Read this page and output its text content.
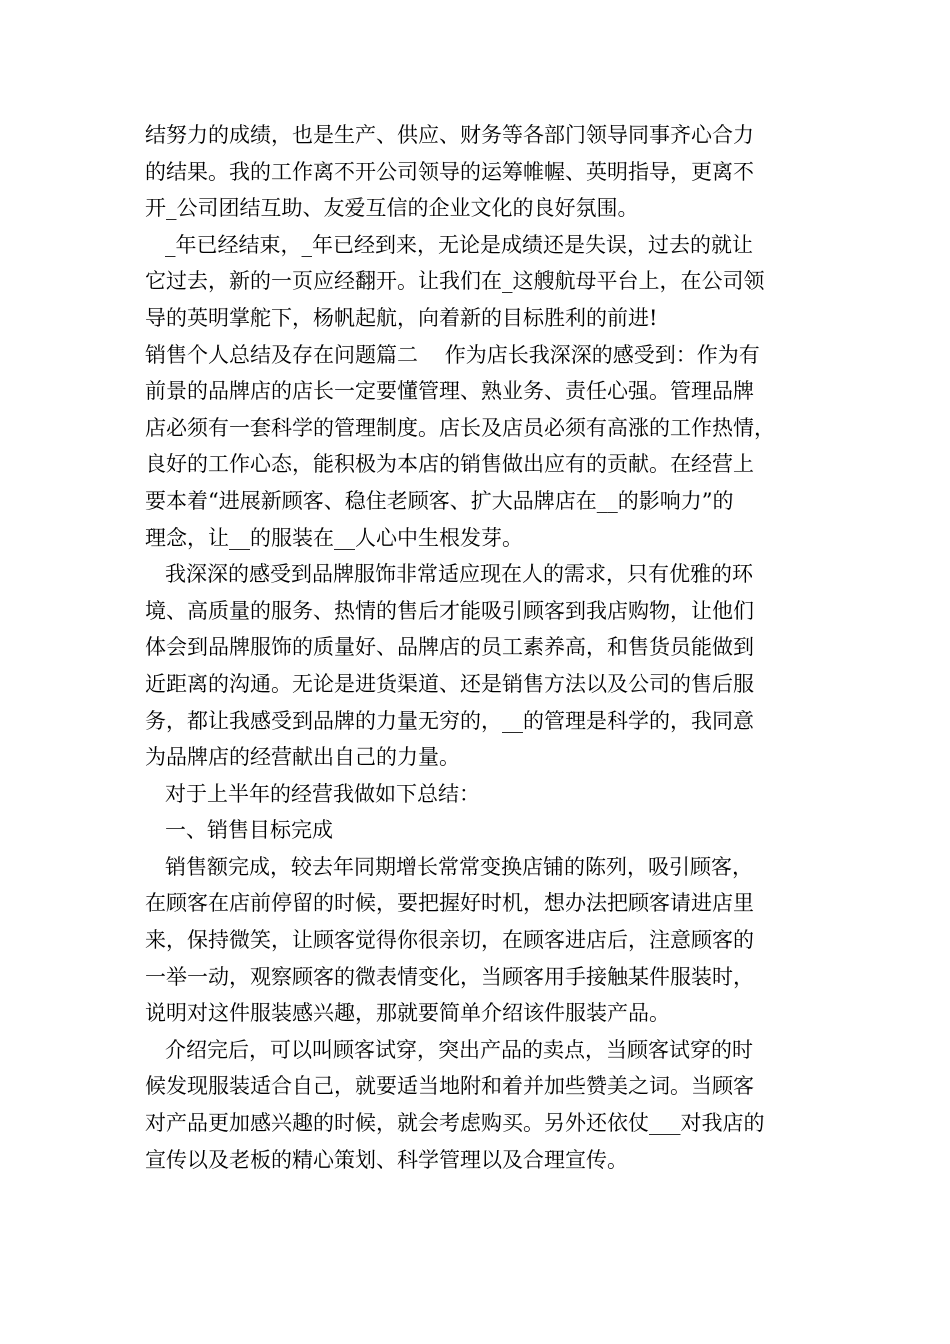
结努力的成绩，也是生产、供应、财务等各部门领导同事齐心合力
的结果。我的工作离不开公司领导的运筹帷幄、英明指导，更离不
开_公司团结互助、友爱互信的企业文化的良好氛围。
_年已经结束，_年已经到来，无论是成绩还是失误，过去的就让
它过去，新的一页应经翻开。让我们在_这艘航母平台上，在公司领
导的英明掌舵下，杨帆起航，向着新的目标胜利的前进!
销售个人总结及存在问题篇二    作为店长我深深的感受到：作为有
前景的品牌店的店长一定要懂管理、熟业务、责任心强。管理品牌
店必须有一套科学的管理制度。店长及店员必须有高涨的工作热情，
良好的工作心态，能积极为本店的销售做出应有的贡献。在经营上
要本着“进展新顾客、稳住老顾客、扩大品牌店在__的影响力”的
理念，让__的服装在__人心中生根发芽。
我深深的感受到品牌服饰非常适应现在人的需求，只有优雅的环
境、高质量的服务、热情的售后才能吸引顾客到我店购物，让他们
体会到品牌服饰的质量好、品牌店的员工素养高，和售货员能做到
近距离的沟通。无论是进货渠道、还是销售方法以及公司的售后服
务，都让我感受到品牌的力量无穷的，__的管理是科学的，我同意
为品牌店的经营献出自己的力量。
对于上半年的经营我做如下总结：
一、销售目标完成
销售额完成，较去年同期增长常常变换店铺的陈列，吸引顾客，
在顾客在店前停留的时候，要把握好时机，想办法把顾客请进店里
来，保持微笑，让顾客觉得你很亲切，在顾客进店后，注意顾客的
一举一动，观察顾客的微表情变化，当顾客用手接触某件服装时，
说明对这件服装感兴趣，那就要简单介绍该件服装产品。
介绍完后，可以叫顾客试穿，突出产品的卖点，当顾客试穿的时
候发现服装适合自己，就要适当地附和着并加些赞美之词。当顾客
对产品更加感兴趣的时候，就会考虑购买。另外还依仗___对我店的
宣传以及老板的精心策划、科学管理以及合理宣传。
